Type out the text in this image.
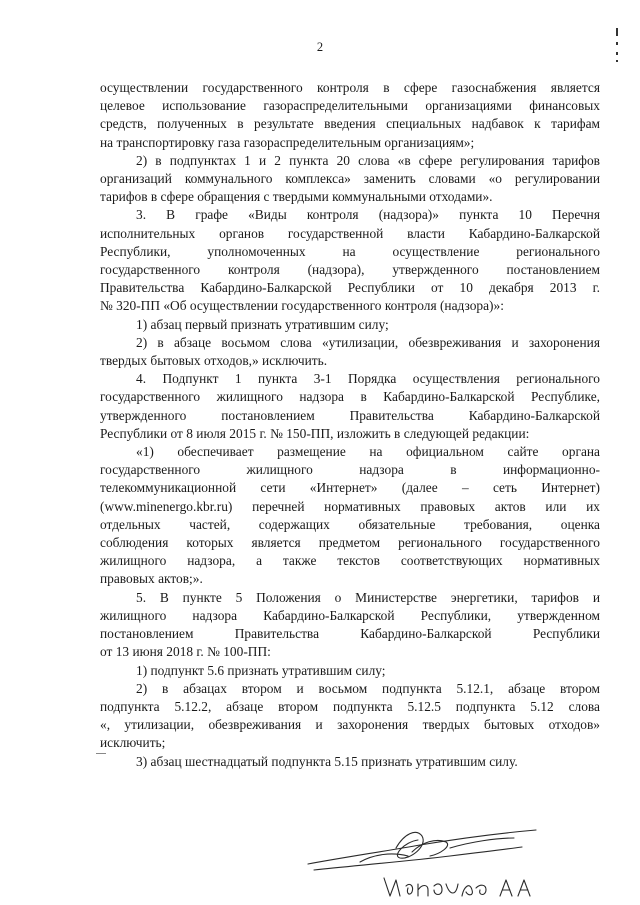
2
осуществлении государственного контроля в сфере газоснабжения является
целевое использование газораспределительными организациями финансовых
средств, полученных в результате введения специальных надбавок к тарифам
на транспортировку газа газораспределительным организациям»;
2) в подпунктах 1 и 2 пункта 20 слова «в сфере регулирования тарифов
организаций коммунального комплекса» заменить словами «о регулировании
тарифов в сфере обращения с твердыми коммунальными отходами».
3. В графе «Виды контроля (надзора)» пункта 10 Перечня
исполнительных органов государственной власти Кабардино-Балкарской
Республики, уполномоченных на осуществление регионального
государственного контроля (надзора), утвержденного постановлением
Правительства Кабардино-Балкарской Республики от 10 декабря 2013 г.
№ 320-ПП «Об осуществлении государственного контроля (надзора)»:
1) абзац первый признать утратившим силу;
2) в абзаце восьмом слова «утилизации, обезвреживания и захоронения
твердых бытовых отходов,» исключить.
4. Подпункт 1 пункта 3-1 Порядка осуществления регионального
государственного жилищного надзора в Кабардино-Балкарской Республике,
утвержденного постановлением Правительства Кабардино-Балкарской
Республики от 8 июля 2015 г. № 150-ПП, изложить в следующей редакции:
«1) обеспечивает размещение на официальном сайте органа
государственного жилищного надзора в информационно-
телекоммуникационной сети «Интернет» (далее – сеть Интернет)
(www.minenergo.kbr.ru) перечней нормативных правовых актов или их
отдельных частей, содержащих обязательные требования, оценка
соблюдения которых является предметом регионального государственного
жилищного надзора, а также текстов соответствующих нормативных
правовых актов;».
5. В пункте 5 Положения о Министерстве энергетики, тарифов и
жилищного надзора Кабардино-Балкарской Республики, утвержденном
постановлением Правительства Кабардино-Балкарской Республики
от 13 июня 2018 г. № 100-ПП:
1) подпункт 5.6 признать утратившим силу;
2) в абзацах втором и восьмом подпункта 5.12.1, абзаце втором
подпункта 5.12.2, абзаце втором подпункта 5.12.5 подпункта 5.12 слова
«, утилизации, обезвреживания и захоронения твердых бытовых отходов»
исключить;
3) абзац шестнадцатый подпункта 5.15 признать утратившим силу.
